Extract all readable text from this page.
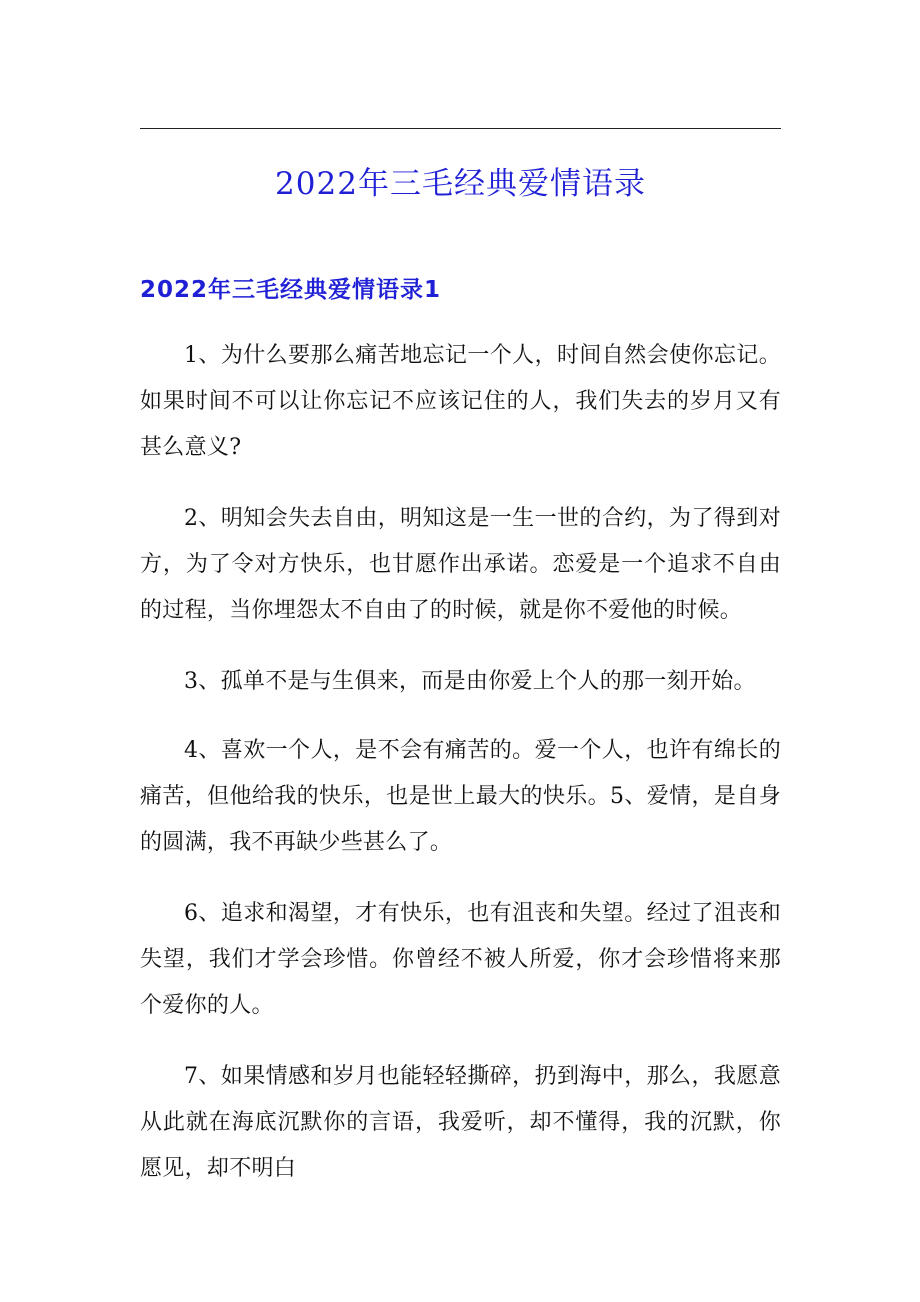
2022年三毛经典爱情语录
2022年三毛经典爱情语录1

1、为什么要那么痛苦地忘记一个人，时间自然会使你忘记。如果时间不可以让你忘记不应该记住的人，我们失去的岁月又有甚么意义?

2、明知会失去自由，明知这是一生一世的合约，为了得到对方，为了令对方快乐，也甘愿作出承诺。恋爱是一个追求不自由的过程，当你埋怨太不自由了的时候，就是你不爱他的时候。

3、孤单不是与生俱来，而是由你爱上个人的那一刻开始。

4、喜欢一个人，是不会有痛苦的。爱一个人，也许有绵长的痛苦，但他给我的快乐，也是世上最大的快乐。5、爱情，是自身的圆满，我不再缺少些甚么了。

6、追求和渴望，才有快乐，也有沮丧和失望。经过了沮丧和失望，我们才学会珍惜。你曾经不被人所爱，你才会珍惜将来那个爱你的人。

7、如果情感和岁月也能轻轻撕碎，扔到海中，那么，我愿意从此就在海底沉默你的言语，我爱听，却不懂得，我的沉默，你愿见，却不明白
